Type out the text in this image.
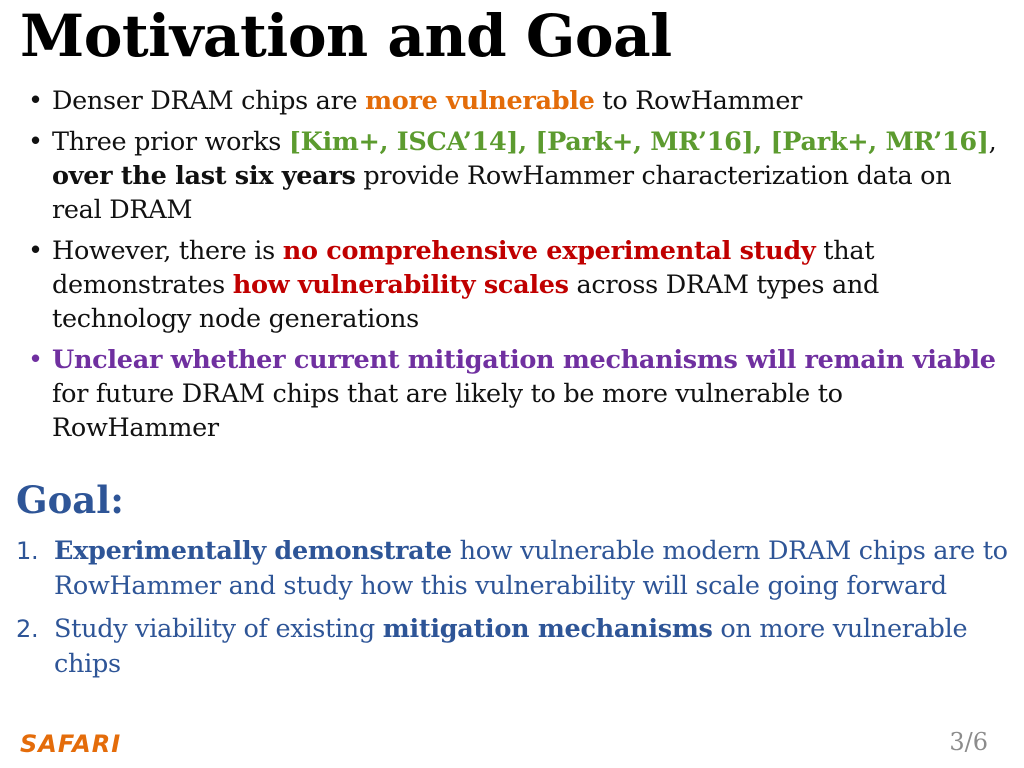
Motivation and Goal
• Denser DRAM chips are more vulnerable to RowHammer
• Three prior works [Kim+, ISCA’14], [Park+, MR’16], [Park+, MR’16], over the last six years provide RowHammer characterization data on real DRAM
• However, there is no comprehensive experimental study that demonstrates how vulnerability scales across DRAM types and technology node generations
• Unclear whether current mitigation mechanisms will remain viable for future DRAM chips that are likely to be more vulnerable to RowHammer
Goal:
1. Experimentally demonstrate how vulnerable modern DRAM chips are to RowHammer and study how this vulnerability will scale going forward
2. Study viability of existing mitigation mechanisms on more vulnerable chips
SAFARI	3/6
